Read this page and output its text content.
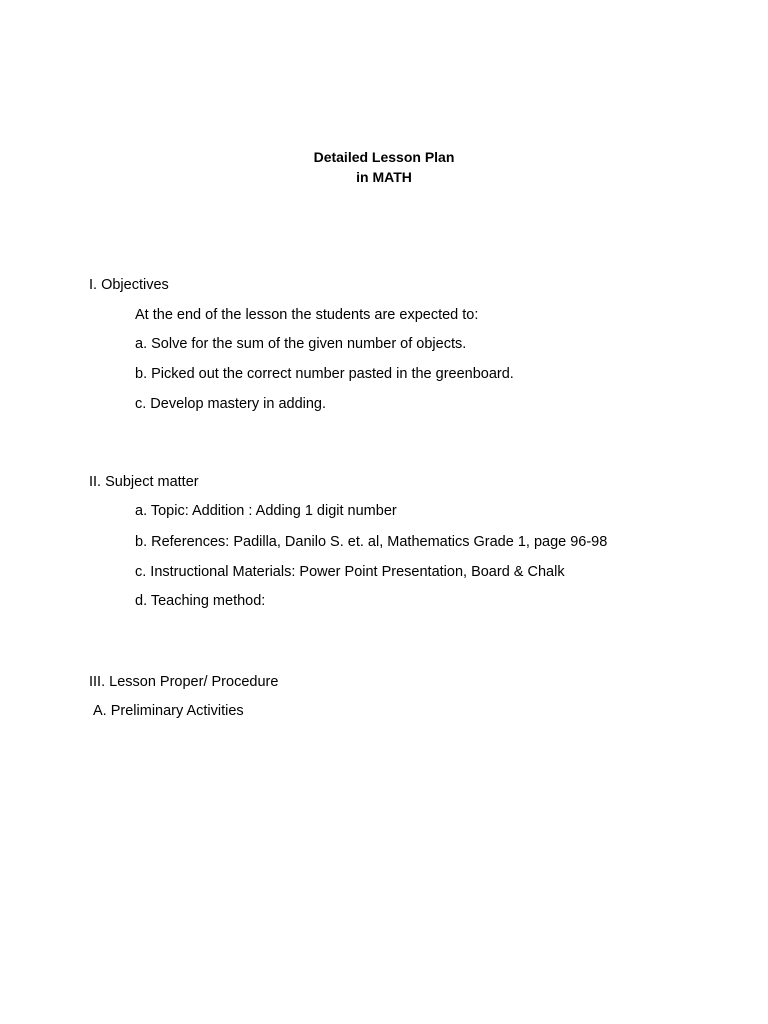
Detailed Lesson Plan
in MATH
I. Objectives
At the end of the lesson the students are expected to:
a. Solve for the sum of the given number of objects.
b. Picked out the correct number pasted in the greenboard.
c. Develop mastery in adding.
II. Subject matter
a. Topic: Addition : Adding 1 digit number
b. References: Padilla, Danilo S. et. al, Mathematics Grade 1, page 96-98
c. Instructional Materials: Power Point Presentation, Board & Chalk
d. Teaching method:
III. Lesson Proper/ Procedure
A. Preliminary Activities
